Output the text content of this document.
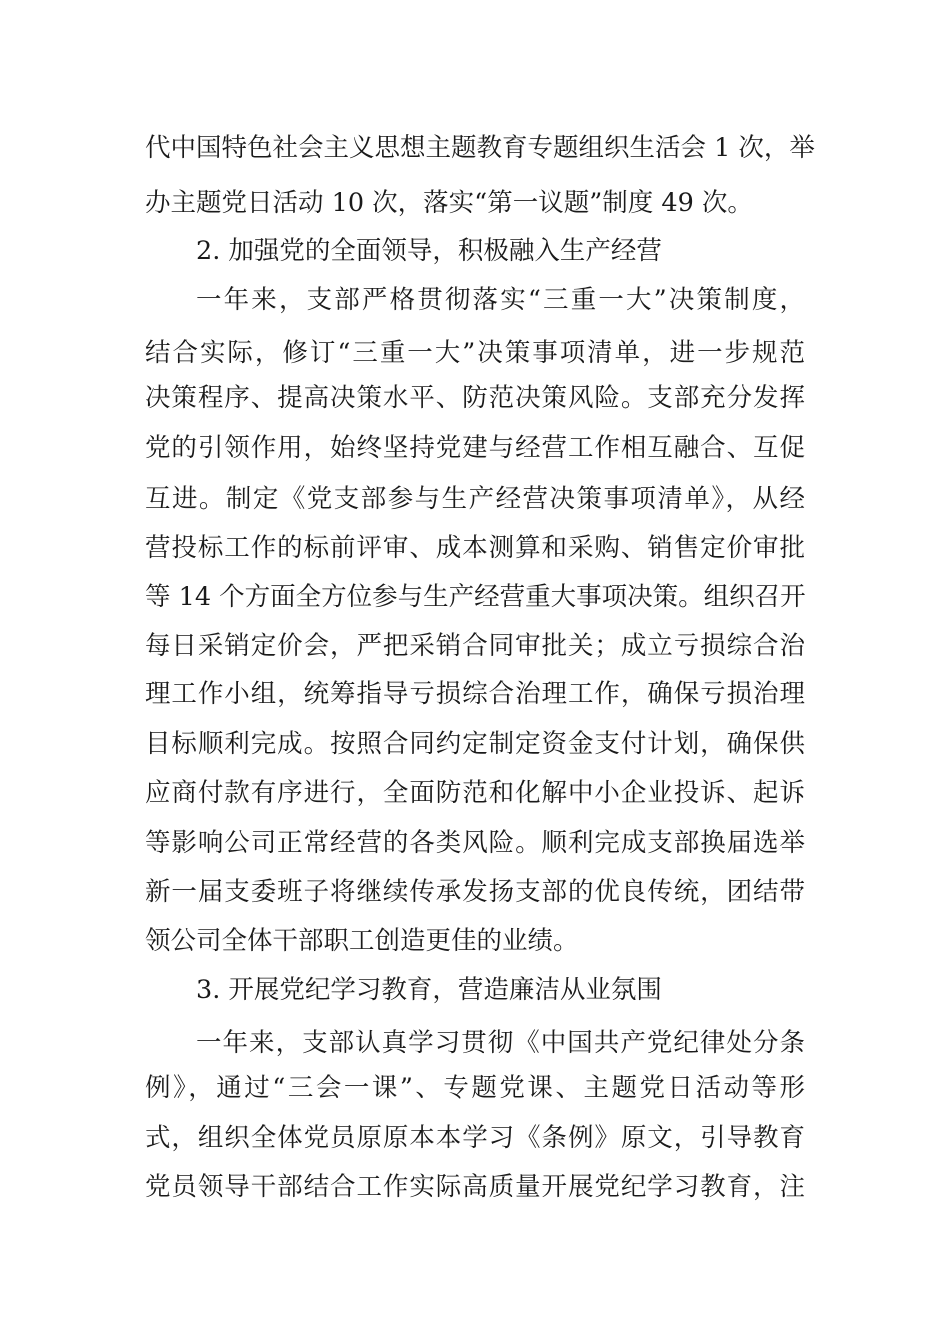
代中国特色社会主义思想主题教育专题组织生活会 1 次，举
办主题党日活动 10 次，落实“第一议题”制度 49 次。
2. 加强党的全面领导，积极融入生产经营
一年来，支部严格贯彻落实“三重一大”决策制度，
结合实际，修订“三重一大”决策事项清单，进一步规范
决策程序、提高决策水平、防范决策风险。支部充分发挥
党的引领作用，始终坚持党建与经营工作相互融合、互促
互进。制定《党支部参与生产经营决策事项清单》，从经
营投标工作的标前评审、成本测算和采购、销售定价审批
等 14 个方面全方位参与生产经营重大事项决策。组织召开
每日采销定价会，严把采销合同审批关；成立亏损综合治
理工作小组，统筹指导亏损综合治理工作，确保亏损治理
目标顺利完成。按照合同约定制定资金支付计划，确保供
应商付款有序进行，全面防范和化解中小企业投诉、起诉
等影响公司正常经营的各类风险。顺利完成支部换届选举
新一届支委班子将继续传承发扬支部的优良传统，团结带
领公司全体干部职工创造更佳的业绩。
3. 开展党纪学习教育，营造廉洁从业氛围
一年来，支部认真学习贯彻《中国共产党纪律处分条
例》，通过“三会一课”、专题党课、主题党日活动等形
式，组织全体党员原原本本学习《条例》原文，引导教育
党员领导干部结合工作实际高质量开展党纪学习教育，注
